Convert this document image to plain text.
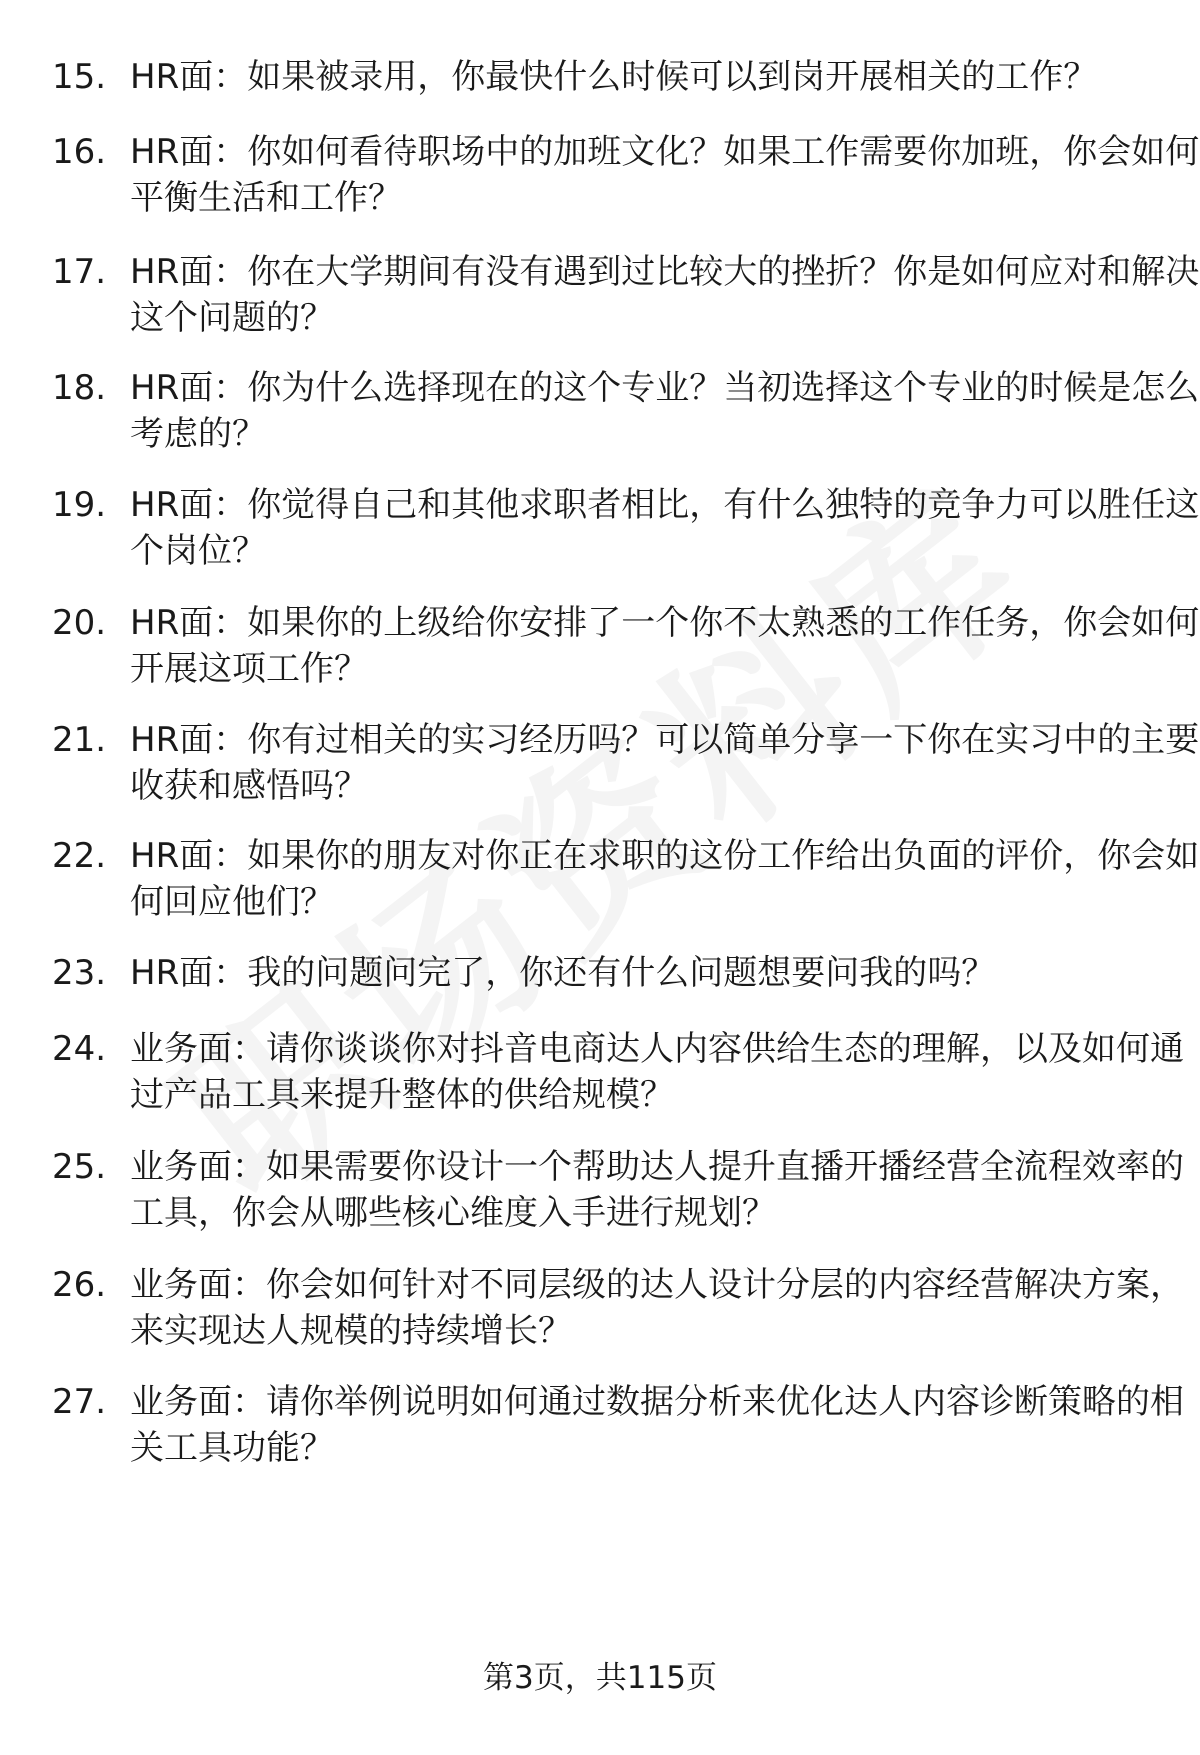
15. HR面：如果被录用，你最快什么时候可以到岗开展相关的工作？
16. HR面：你如何看待职场中的加班文化？如果工作需要你加班，你会如何平衡生活和工作？
17. HR面：你在大学期间有没有遇到过比较大的挫折？你是如何应对和解决这个问题的？
18. HR面：你为什么选择现在的这个专业？当初选择这个专业的时候是怎么考虑的？
19. HR面：你觉得自己和其他求职者相比，有什么独特的竞争力可以胜任这个岗位？
20. HR面：如果你的上级给你安排了一个你不太熟悉的工作任务，你会如何开展这项工作？
21. HR面：你有过相关的实习经历吗？可以简单分享一下你在实习中的主要收获和感悟吗？
22. HR面：如果你的朋友对你正在求职的这份工作给出负面的评价，你会如何回应他们？
23. HR面：我的问题问完了，你还有什么问题想要问我的吗？
24. 业务面：请你谈谈你对抖音电商达人内容供给生态的理解，以及如何通过产品工具来提升整体的供给规模？
25. 业务面：如果需要你设计一个帮助达人提升直播开播经营全流程效率的工具，你会从哪些核心维度入手进行规划？
26. 业务面：你会如何针对不同层级的达人设计分层的内容经营解决方案，来实现达人规模的持续增长？
27. 业务面：请你举例说明如何通过数据分析来优化达人内容诊断策略的相关工具功能？
第3页，共115页
